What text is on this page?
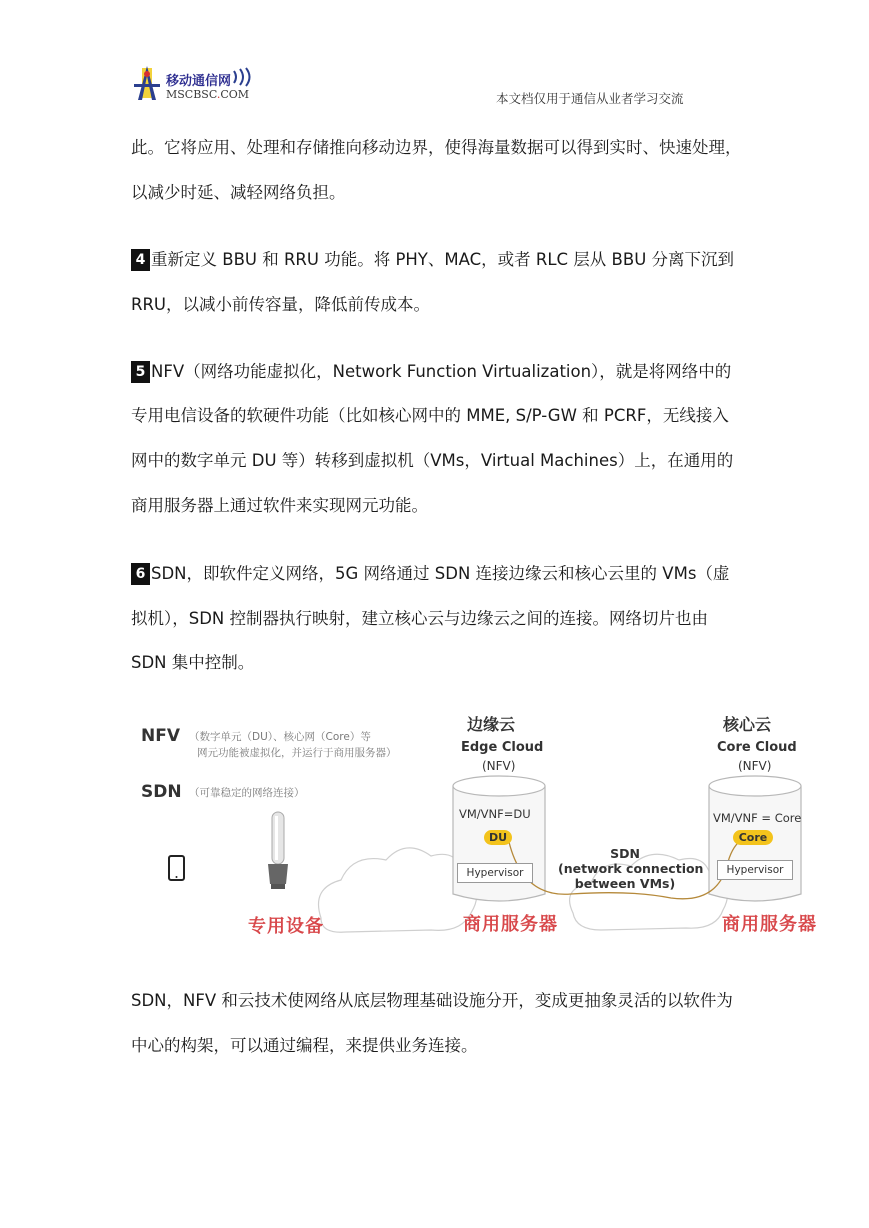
移动通信网
MSCBSC.COM	本文档仅用于通信从业者学习交流
此。它将应用、处理和存储推向移动边界，使得海量数据可以得到实时、快速处理，
以减少时延、减轻网络负担。
4 重新定义 BBU 和 RRU 功能。将 PHY、MAC，或者 RLC 层从 BBU 分离下沉到
RRU，以减小前传容量，降低前传成本。
5 NFV（网络功能虚拟化，Network Function Virtualization），就是将网络中的
专用电信设备的软硬件功能（比如核心网中的 MME, S/P-GW 和 PCRF，无线接入
网中的数字单元 DU 等）转移到虚拟机（VMs，Virtual Machines）上，在通用的
商用服务器上通过软件来实现网元功能。
6 SDN，即软件定义网络，5G 网络通过 SDN 连接边缘云和核心云里的 VMs（虚
拟机），SDN 控制器执行映射，建立核心云与边缘云之间的连接。网络切片也由
SDN 集中控制。
NFV （数字单元（DU）、核心网（Core）等
网元功能被虚拟化，并运行于商用服务器）
SDN （可靠稳定的网络连接）
边缘云
Edge Cloud
(NFV)
VM/VNF=DU
DU
Hypervisor
核心云
Core Cloud
(NFV)
VM/VNF = Core
Core
Hypervisor
SDN
(network connection
between VMs)
专用设备	商用服务器	商用服务器
SDN，NFV 和云技术使网络从底层物理基础设施分开，变成更抽象灵活的以软件为
中心的构架，可以通过编程，来提供业务连接。
